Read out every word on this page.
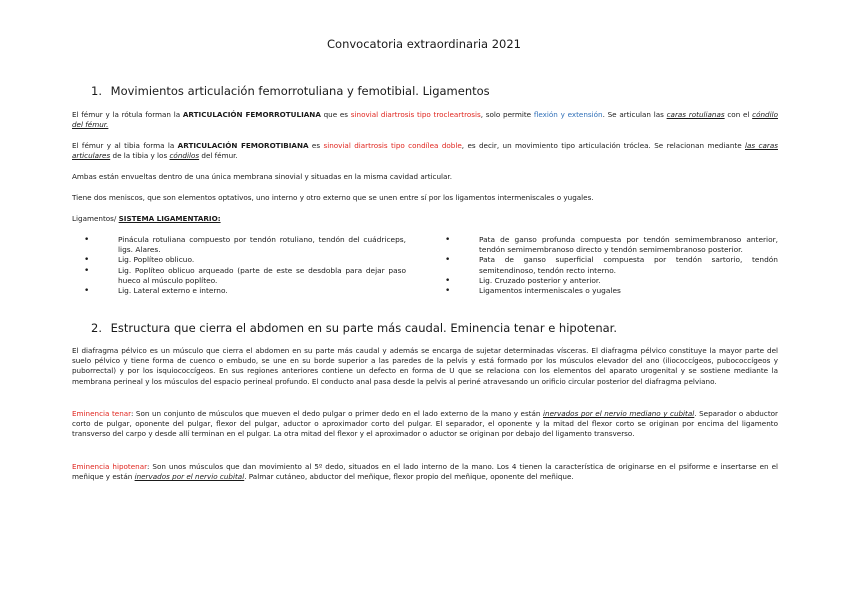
Convocatoria extraordinaria 2021
1. Movimientos articulación femorrotuliana y femotibial. Ligamentos

El fémur y la rótula forman la ARTICULACIÓN FEMORROTULIANA que es sinovial diartrosis tipo trocleartrosis, solo permite flexión y extensión. Se articulan las caras rotulianas con el cóndilo del fémur.

El fémur y al tibia forma la ARTICULACIÓN FEMOROTIBIANA es sinovial diartrosis tipo condílea doble, es decir, un movimiento tipo articulación tróclea. Se relacionan mediante las caras articulares de la tibia y los cóndilos del fémur.

Ambas están envueltas dentro de una única membrana sinovial y situadas en la misma cavidad articular.

Tiene dos meniscos, que son elementos optativos, uno interno y otro externo que se unen entre sí por los ligamentos intermeniscales o yugales.

Ligamentos/ SISTEMA LIGAMENTARIO:

• Pinácula rotuliana compuesto por tendón rotuliano, tendón del cuádriceps, ligs. Alares.
• Lig. Poplíteo oblicuo.
• Lig. Poplíteo oblicuo arqueado (parte de este se desdobla para dejar paso hueco al músculo poplíteo.
• Lig. Lateral externo e interno.
• Pata de ganso profunda compuesta por tendón semimembranoso anterior, tendón semimembranoso directo y tendón semimembranoso posterior.
• Pata de ganso superficial compuesta por tendón sartorio, tendón semitendinoso, tendón recto interno.
• Lig. Cruzado posterior y anterior.
• Ligamentos intermeniscales o yugales
2. Estructura que cierra el abdomen en su parte más caudal. Eminencia tenar e hipotenar.

El diafragma pélvico es un músculo que cierra el abdomen en su parte más caudal y además se encarga de sujetar determinadas vísceras. El diafragma pélvico constituye la mayor parte del suelo pélvico y tiene forma de cuenco o embudo, se une en su borde superior a las paredes de la pelvis y está formado por los músculos elevador del ano (iliococcígeos, pubococcígeos y puborrectal) y por los isquiococcígeos. En sus regiones anteriores contiene un defecto en forma de U que se relaciona con los elementos del aparato urogenital y se sostiene mediante la membrana perineal y los músculos del espacio perineal profundo. El conducto anal pasa desde la pelvis al periné atravesando un orificio circular posterior del diafragma pelviano.

Eminencia tenar: Son un conjunto de músculos que mueven el dedo pulgar o primer dedo en el lado externo de la mano y están inervados por el nervio mediano y cubital. Separador o abductor corto de pulgar, oponente del pulgar, flexor del pulgar, aductor o aproximador corto del pulgar. El separador, el oponente y la mitad del flexor corto se originan por encima del ligamento transverso del carpo y desde allí terminan en el pulgar. La otra mitad del flexor y el aproximador o aductor se originan por debajo del ligamento transverso.

Eminencia hipotenar: Son unos músculos que dan movimiento al 5º dedo, situados en el lado interno de la mano. Los 4 tienen la característica de originarse en el psiforme e insertarse en el meñique y están inervados por el nervio cubital. Palmar cutáneo, abductor del meñique, flexor propio del meñique, oponente del meñique.
